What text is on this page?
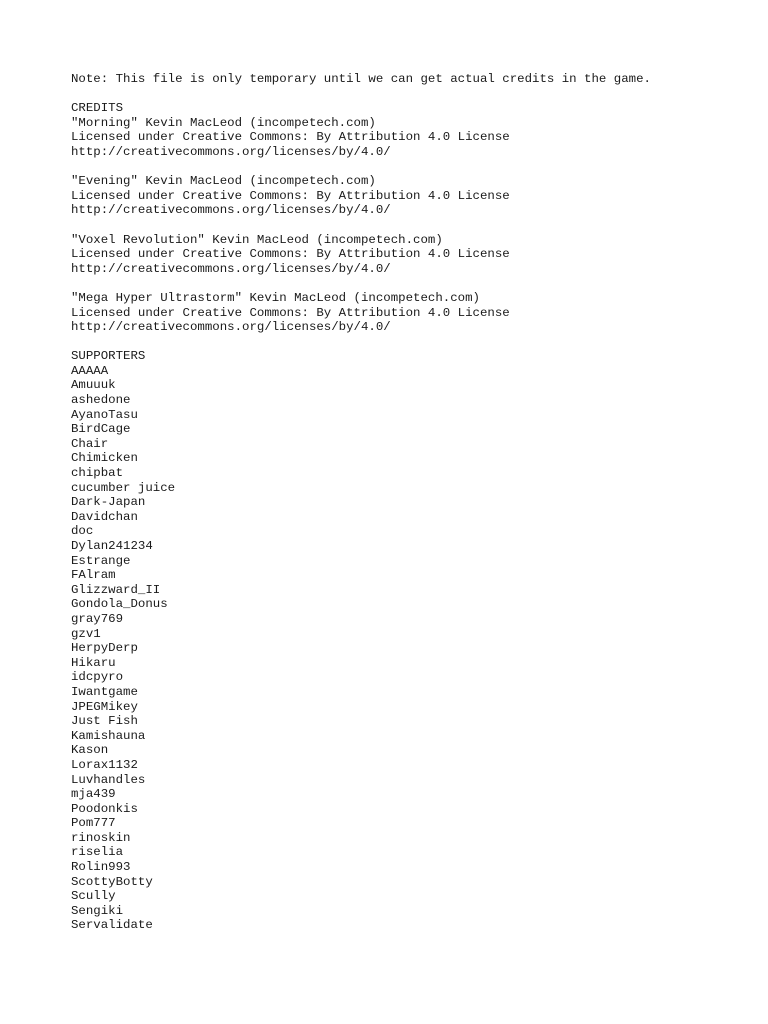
Note: This file is only temporary until we can get actual credits in the game.
CREDITS
"Morning" Kevin MacLeod (incompetech.com)
Licensed under Creative Commons: By Attribution 4.0 License
http://creativecommons.org/licenses/by/4.0/
"Evening" Kevin MacLeod (incompetech.com)
Licensed under Creative Commons: By Attribution 4.0 License
http://creativecommons.org/licenses/by/4.0/
"Voxel Revolution" Kevin MacLeod (incompetech.com)
Licensed under Creative Commons: By Attribution 4.0 License
http://creativecommons.org/licenses/by/4.0/
"Mega Hyper Ultrastorm" Kevin MacLeod (incompetech.com)
Licensed under Creative Commons: By Attribution 4.0 License
http://creativecommons.org/licenses/by/4.0/
SUPPORTERS
AAAAA
Amuuuk
ashedone
AyanoTasu
BirdCage
Chair
Chimicken
chipbat
cucumber juice
Dark-Japan
Davidchan
doc
Dylan241234
Estrange
FAlram
Glizzward_II
Gondola_Donus
gray769
gzv1
HerpyDerp
Hikaru
idcpyro
Iwantgame
JPEGMikey
Just Fish
Kamishauna
Kason
Lorax1132
Luvhandles
mja439
Poodonkis
Pom777
rinoskin
riselia
Rolin993
ScottyBotty
Scully
Sengiki
Servalidate
